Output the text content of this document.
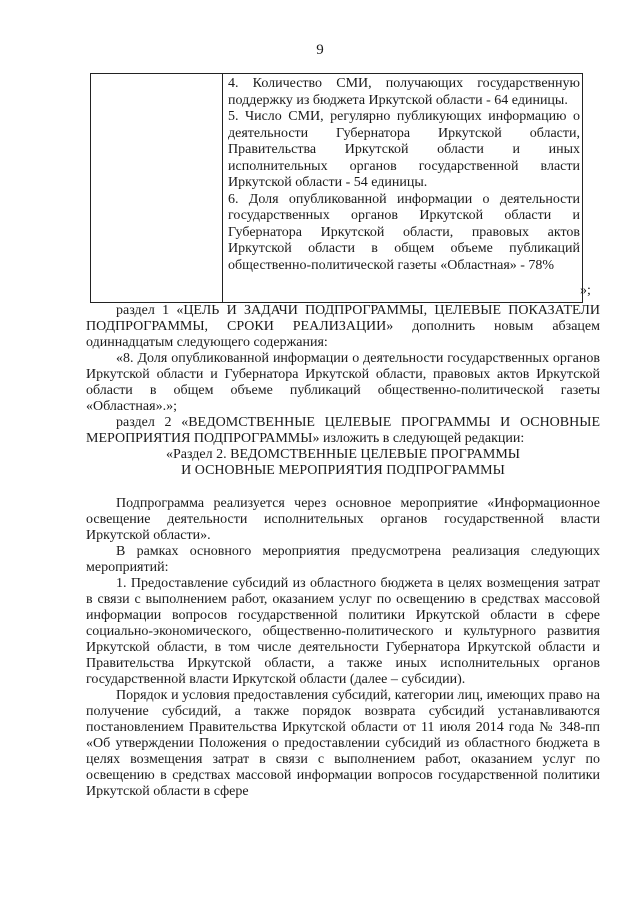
9

4. Количество СМИ, получающих государственную поддержку из бюджета Иркутской области - 64 единицы.

5. Число СМИ, регулярно публикующих информацию о деятельности Губернатора Иркутской области, Правительства Иркутской области и иных исполнительных органов государственной власти Иркутской области - 54 единицы.

6. Доля опубликованной информации о деятельности государственных органов Иркутской области и Губернатора Иркутской области, правовых актов Иркутской области в общем объеме публикаций общественно-политической газеты «Областная» - 78%

»;

раздел 1 «ЦЕЛЬ И ЗАДАЧИ ПОДПРОГРАММЫ, ЦЕЛЕВЫЕ ПОКАЗАТЕЛИ ПОДПРОГРАММЫ, СРОКИ РЕАЛИЗАЦИИ» дополнить новым абзацем одиннадцатым следующего содержания:

«8. Доля опубликованной информации о деятельности государственных органов Иркутской области и Губернатора Иркутской области, правовых актов Иркутской области в общем объеме публикаций общественно-политической газеты «Областная».»;

раздел 2 «ВЕДОМСТВЕННЫЕ ЦЕЛЕВЫЕ ПРОГРАММЫ И ОСНОВНЫЕ МЕРОПРИЯТИЯ ПОДПРОГРАММЫ» изложить в следующей редакции:

«Раздел 2. ВЕДОМСТВЕННЫЕ ЦЕЛЕВЫЕ ПРОГРАММЫ

И ОСНОВНЫЕ МЕРОПРИЯТИЯ ПОДПРОГРАММЫ

Подпрограмма реализуется через основное мероприятие «Информационное освещение деятельности исполнительных органов государственной власти Иркутской области».

В рамках основного мероприятия предусмотрена реализация следующих мероприятий:

1. Предоставление субсидий из областного бюджета в целях возмещения затрат в связи с выполнением работ, оказанием услуг по освещению в средствах массовой информации вопросов государственной политики Иркутской области в сфере социально-экономического, общественно-политического и культурного развития Иркутской области, в том числе деятельности Губернатора Иркутской области и Правительства Иркутской области, а также иных исполнительных органов государственной власти Иркутской области (далее – субсидии).

Порядок и условия предоставления субсидий, категории лиц, имеющих право на получение субсидий, а также порядок возврата субсидий устанавливаются постановлением Правительства Иркутской области от 11 июля 2014 года № 348-пп «Об утверждении Положения о предоставлении субсидий из областного бюджета в целях возмещения затрат в связи с выполнением работ, оказанием услуг по освещению в средствах массовой информации вопросов государственной политики Иркутской области в сфере
